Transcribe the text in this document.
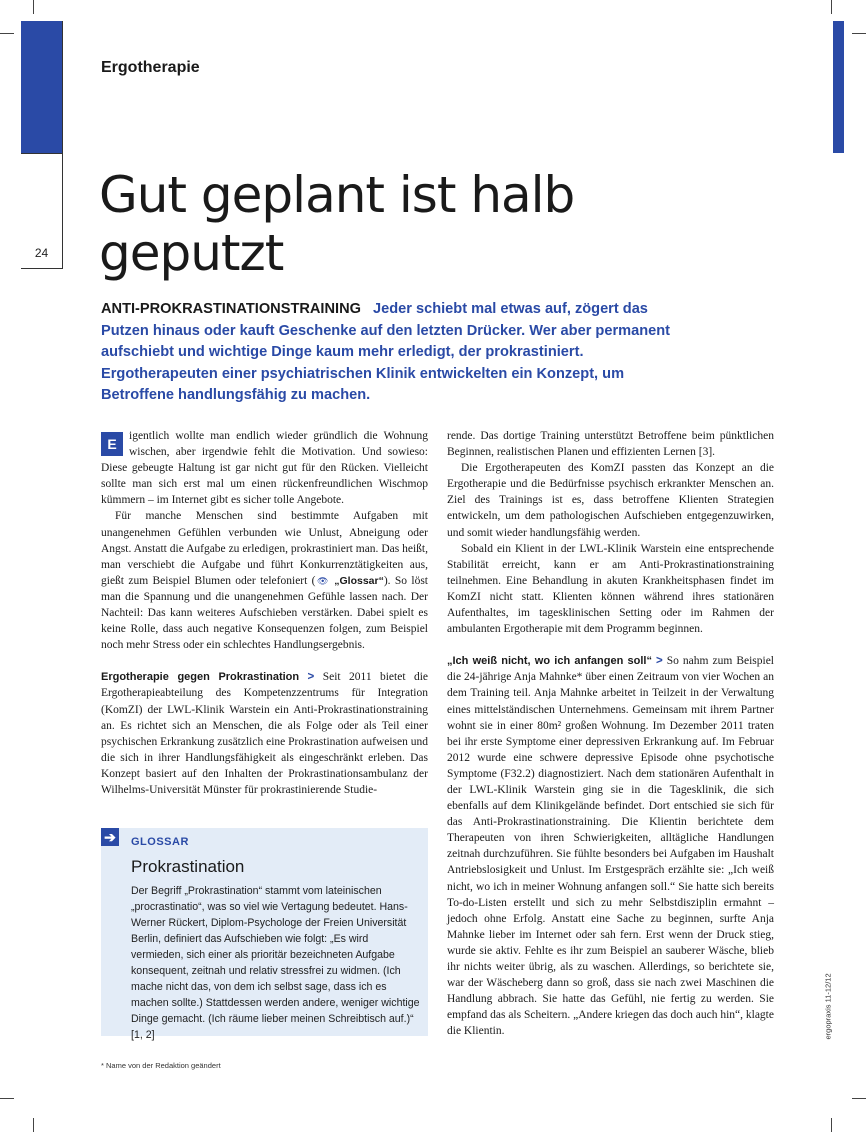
24
Ergotherapie
Gut geplant ist halb geputzt

ANTI-PROKRASTINATIONSTRAINING Jeder schiebt mal etwas auf, zögert das Putzen hinaus oder kauft Geschenke auf den letzten Drücker. Wer aber permanent aufschiebt und wichtige Dinge kaum mehr erledigt, der prokrastiniert. Ergotherapeuten einer psychiatrischen Klinik entwickelten ein Konzept, um Betroffene handlungsfähig zu machen.

E	igentlich wollte man endlich wieder gründlich die Wohnung wischen, aber irgendwie fehlt die Motivation. Und sowieso: Diese gebeugte Haltung ist gar nicht gut für den Rücken. Vielleicht sollte man sich erst mal um einen rückenfreundlichen Wischmop kümmern – im Internet gibt es sicher tolle Angebote.

Für manche Menschen sind bestimmte Aufgaben mit unangenehmen Gefühlen verbunden wie Unlust, Abneigung oder Angst. Anstatt die Aufgabe zu erledigen, prokrastiniert man. Das heißt, man verschiebt die Aufgabe und führt Konkurrenztätigkeiten aus, gießt zum Beispiel Blumen oder telefoniert (👁 „Glossar“). So löst man die Spannung und die unangenehmen Gefühle lassen nach. Der Nachteil: Das kann weiteres Aufschieben verstärken. Dabei spielt es keine Rolle, dass auch negative Konsequenzen folgen, zum Beispiel noch mehr Stress oder ein schlechtes Handlungsergebnis.

Ergotherapie gegen Prokrastination > Seit 2011 bietet die Ergotherapieabteilung des Kompetenzzentrums für Integration (KomZI) der LWL-Klinik Warstein ein Anti-Prokrastinationstraining an. Es richtet sich an Menschen, die als Folge oder als Teil einer psychischen Erkrankung zusätzlich eine Prokrastination aufweisen und die sich in ihrer Handlungsfähigkeit als eingeschränkt erleben. Das Konzept basiert auf den Inhalten der Prokrastinationsambulanz der Wilhelms-Universität Münster für prokrastinierende Studie-

➔ GLOSSAR
Prokrastination

Der Begriff „Prokrastination“ stammt vom lateinischen „procrastinatio“, was so viel wie Vertagung bedeutet. Hans-Werner Rückert, Diplom-Psychologe der Freien Universität Berlin, definiert das Aufschieben wie folgt: „Es wird vermieden, sich einer als prioritär bezeichneten Aufgabe konsequent, zeitnah und relativ stressfrei zu widmen. (Ich mache nicht das, von dem ich selbst sage, dass ich es machen sollte.) Stattdessen werden andere, weniger wichtige Dinge gemacht. (Ich räume lieber meinen Schreibtisch auf.)“ [1, 2]

rende. Das dortige Training unterstützt Betroffene beim pünktlichen Beginnen, realistischen Planen und effizienten Lernen [3].

Die Ergotherapeuten des KomZI passten das Konzept an die Ergotherapie und die Bedürfnisse psychisch erkrankter Menschen an. Ziel des Trainings ist es, dass betroffene Klienten Strategien entwickeln, um dem pathologischen Aufschieben entgegenzuwirken, und somit wieder handlungsfähig werden.

Sobald ein Klient in der LWL-Klinik Warstein eine entsprechende Stabilität erreicht, kann er am Anti-Prokrastinationstraining teilnehmen. Eine Behandlung in akuten Krankheitsphasen findet im KomZI nicht statt. Klienten können während ihres stationären Aufenthaltes, im tagesklinischen Setting oder im Rahmen der ambulanten Ergotherapie mit dem Programm beginnen.

„Ich weiß nicht, wo ich anfangen soll“ > So nahm zum Beispiel die 24-jährige Anja Mahnke* über einen Zeitraum von vier Wochen an dem Training teil. Anja Mahnke arbeitet in Teilzeit in der Verwaltung eines mittelständischen Unternehmens. Gemeinsam mit ihrem Partner wohnt sie in einer 80m² großen Wohnung. Im Dezember 2011 traten bei ihr erste Symptome einer depressiven Erkrankung auf. Im Februar 2012 wurde eine schwere depressive Episode ohne psychotische Symptome (F32.2) diagnostiziert. Nach dem stationären Aufenthalt in der LWL-Klinik Warstein ging sie in die Tagesklinik, die sich ebenfalls auf dem Klinikgelände befindet. Dort entschied sie sich für das Anti-Prokrastinationstraining. Die Klientin berichtete dem Therapeuten von ihren Schwierigkeiten, alltägliche Handlungen zeitnah durchzuführen. Sie fühlte besonders bei Aufgaben im Haushalt Antriebslosigkeit und Unlust. Im Erstgespräch erzählte sie: „Ich weiß nicht, wo ich in meiner Wohnung anfangen soll.“ Sie hatte sich bereits To-do-Listen erstellt und sich zu mehr Selbstdisziplin ermahnt – jedoch ohne Erfolg. Anstatt eine Sache zu beginnen, surfte Anja Mahnke lieber im Internet oder sah fern. Erst wenn der Druck stieg, wurde sie aktiv. Fehlte es ihr zum Beispiel an sauberer Wäsche, blieb ihr nichts weiter übrig, als zu waschen. Allerdings, so berichtete sie, war der Wäscheberg dann so groß, dass sie nach zwei Maschinen die Handlung abbrach. Sie hatte das Gefühl, nie fertig zu werden. Sie empfand das als Scheitern. „Andere kriegen das doch auch hin“, klagte die Klientin.

* Name von der Redaktion geändert
ergopraxis 11-12/12
